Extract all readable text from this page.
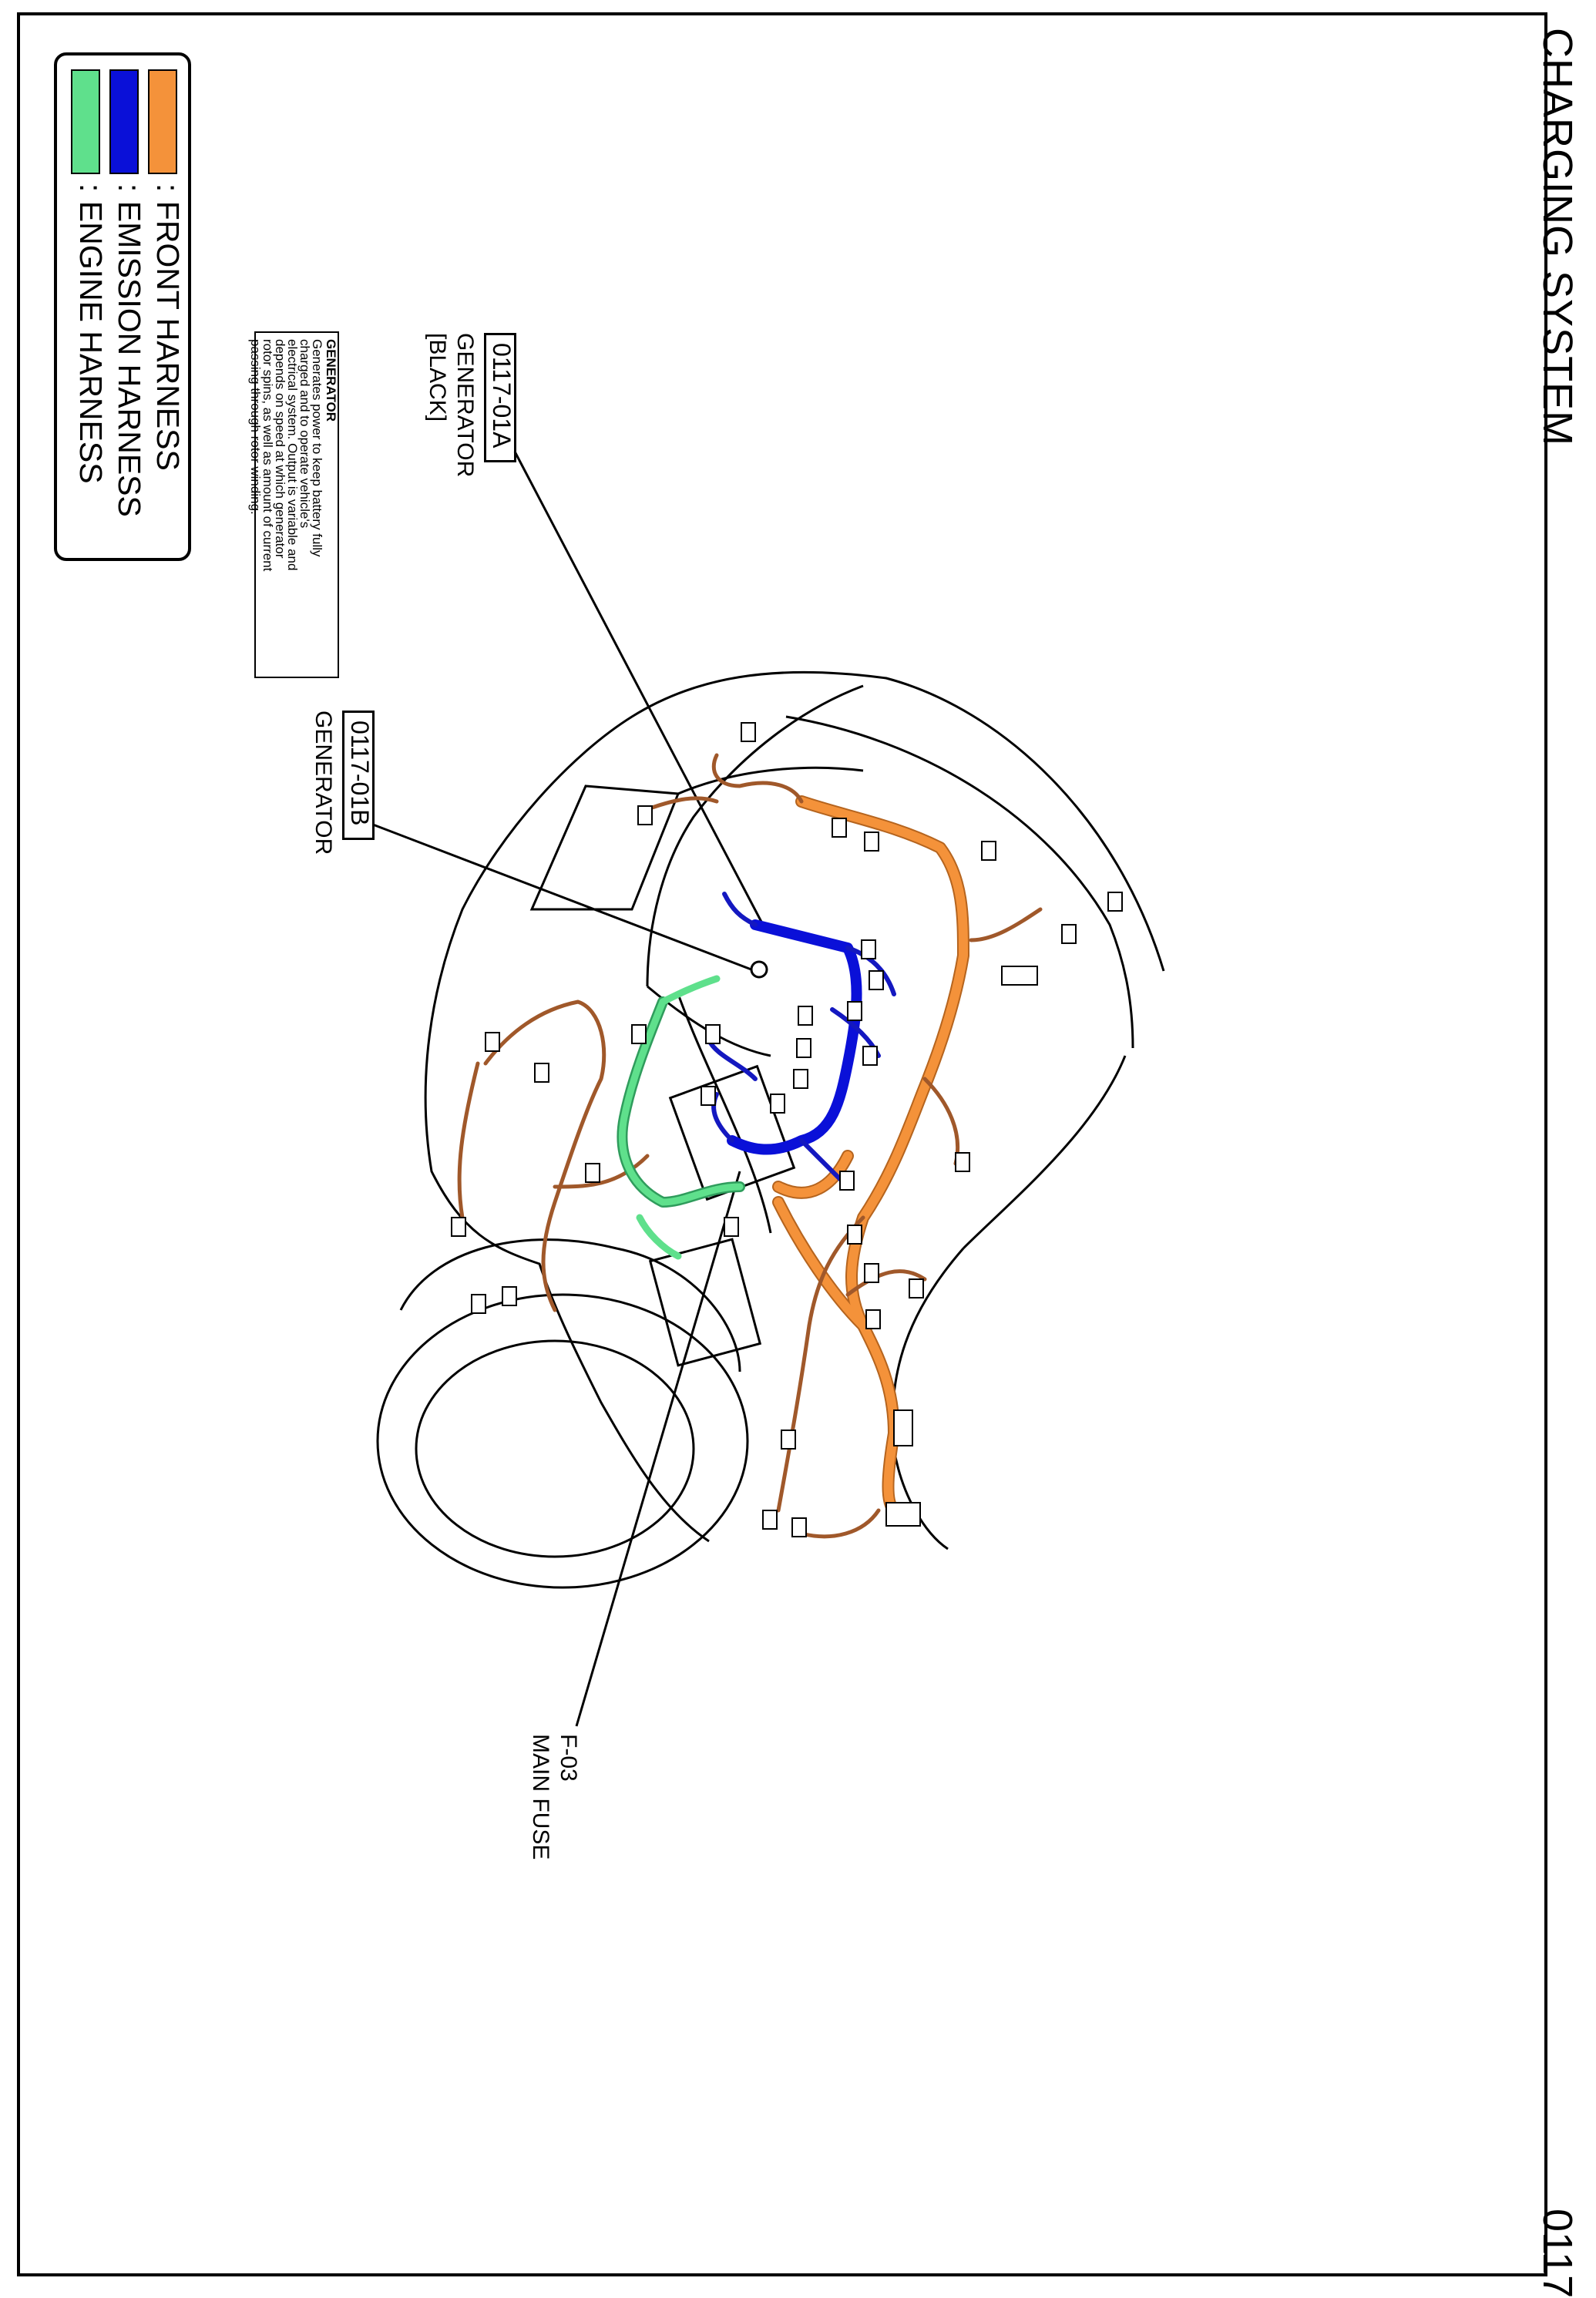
CHARGING SYSTEM
0117
: FRONT HARNESS
: EMISSION HARNESS
: ENGINE HARNESS	0117-01A
GENERATOR
[BLACK]
GENERATOR
Generates power to keep battery fully
charged and to operate vehicle's
electrical system. Output is variable and
depends on speed at which generator
rotor spins, as well as amount of current
passing through rotor winding.
0117-01B
GENERATOR
F-03
MAIN FUSE
